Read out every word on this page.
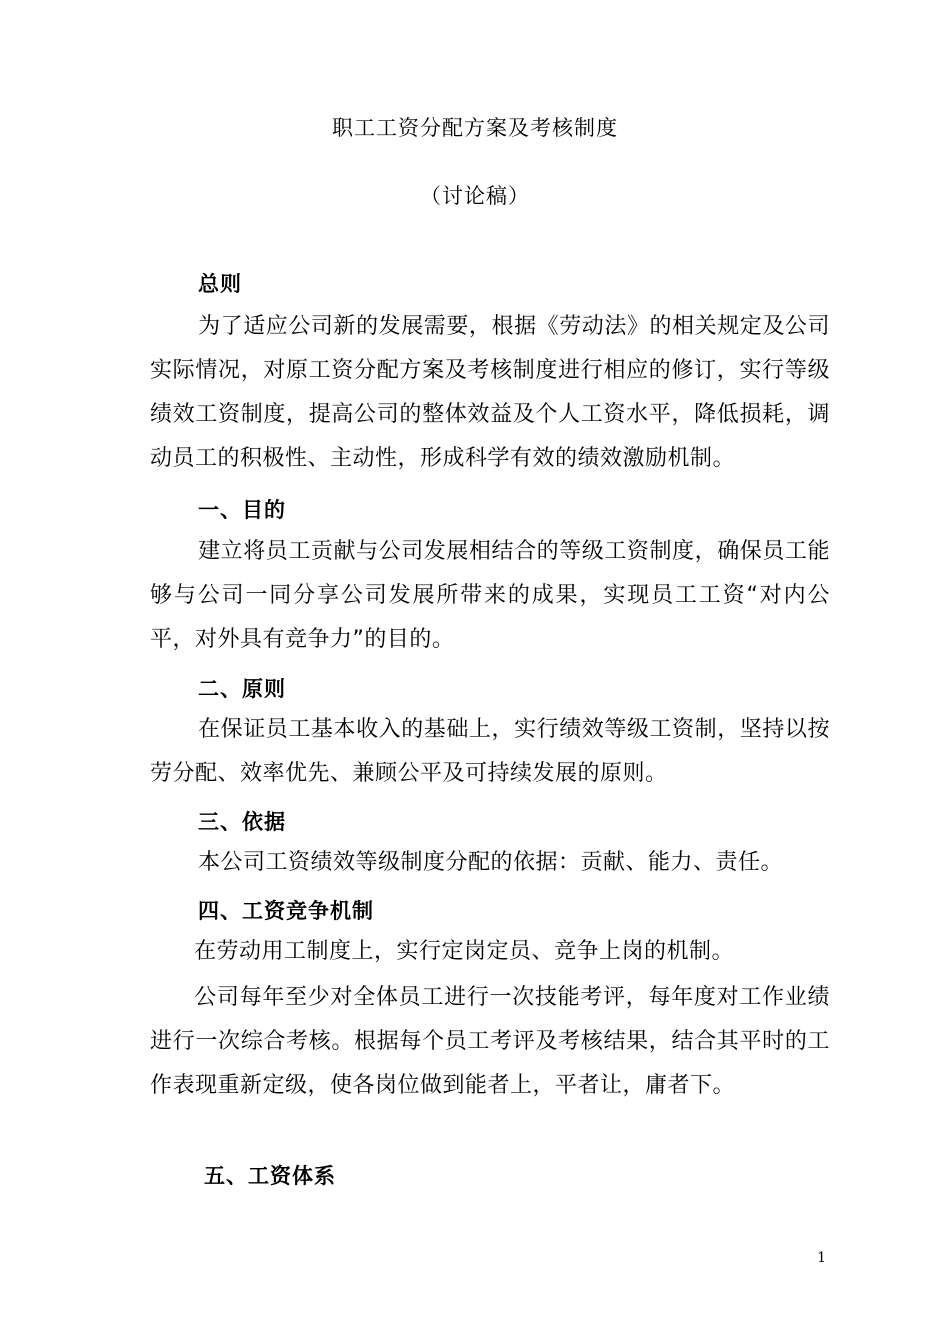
职工工资分配方案及考核制度
（讨论稿）
总则

为了适应公司新的发展需要，根据《劳动法》的相关规定及公司实际情况，对原工资分配方案及考核制度进行相应的修订，实行等级绩效工资制度，提高公司的整体效益及个人工资水平，降低损耗，调动员工的积极性、主动性，形成科学有效的绩效激励机制。

一、目的

建立将员工贡献与公司发展相结合的等级工资制度，确保员工能够与公司一同分享公司发展所带来的成果，实现员工工资“对内公平，对外具有竞争力”的目的。

二、原则

在保证员工基本收入的基础上，实行绩效等级工资制，坚持以按劳分配、效率优先、兼顾公平及可持续发展的原则。

三、依据

本公司工资绩效等级制度分配的依据：贡献、能力、责任。

四、工资竞争机制

在劳动用工制度上，实行定岗定员、竞争上岗的机制。

公司每年至少对全体员工进行一次技能考评，每年度对工作业绩进行一次综合考核。根据每个员工考评及考核结果，结合其平时的工作表现重新定级，使各岗位做到能者上，平者让，庸者下。

五、工资体系
1
